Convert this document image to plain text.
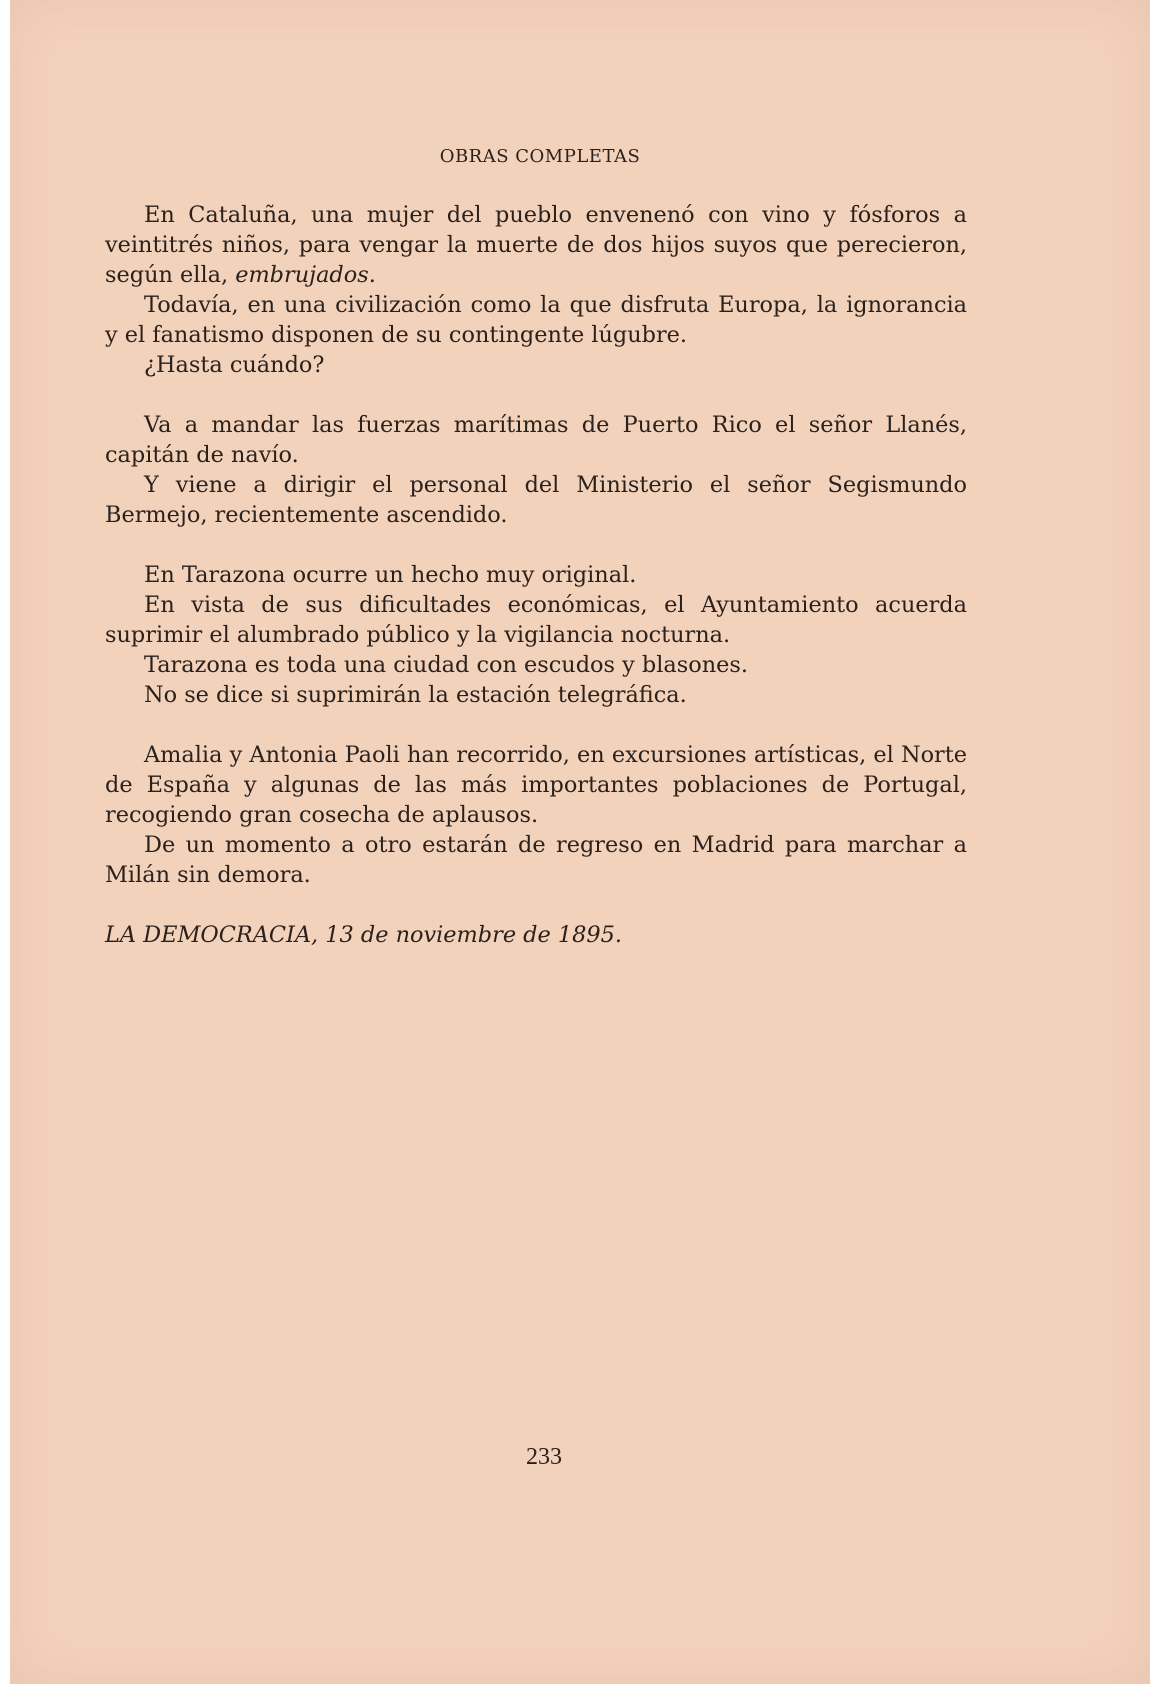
OBRAS COMPLETAS

En Cataluña, una mujer del pueblo envenenó con vino y fósforos a veintitrés niños, para vengar la muerte de dos hijos suyos que perecieron, según ella, embrujados.

Todavía, en una civilización como la que disfruta Europa, la ignorancia y el fanatismo disponen de su contingente lúgubre.

¿Hasta cuándo?

Va a mandar las fuerzas marítimas de Puerto Rico el señor Llanés, capitán de navío.

Y viene a dirigir el personal del Ministerio el señor Segismundo Bermejo, recientemente ascendido.

En Tarazona ocurre un hecho muy original.

En vista de sus dificultades económicas, el Ayuntamiento acuerda suprimir el alumbrado público y la vigilancia nocturna.

Tarazona es toda una ciudad con escudos y blasones.

No se dice si suprimirán la estación telegráfica.

Amalia y Antonia Paoli han recorrido, en excursiones artísticas, el Norte de España y algunas de las más importantes poblaciones de Portugal, recogiendo gran cosecha de aplausos.

De un momento a otro estarán de regreso en Madrid para marchar a Milán sin demora.

LA DEMOCRACIA, 13 de noviembre de 1895.

233
